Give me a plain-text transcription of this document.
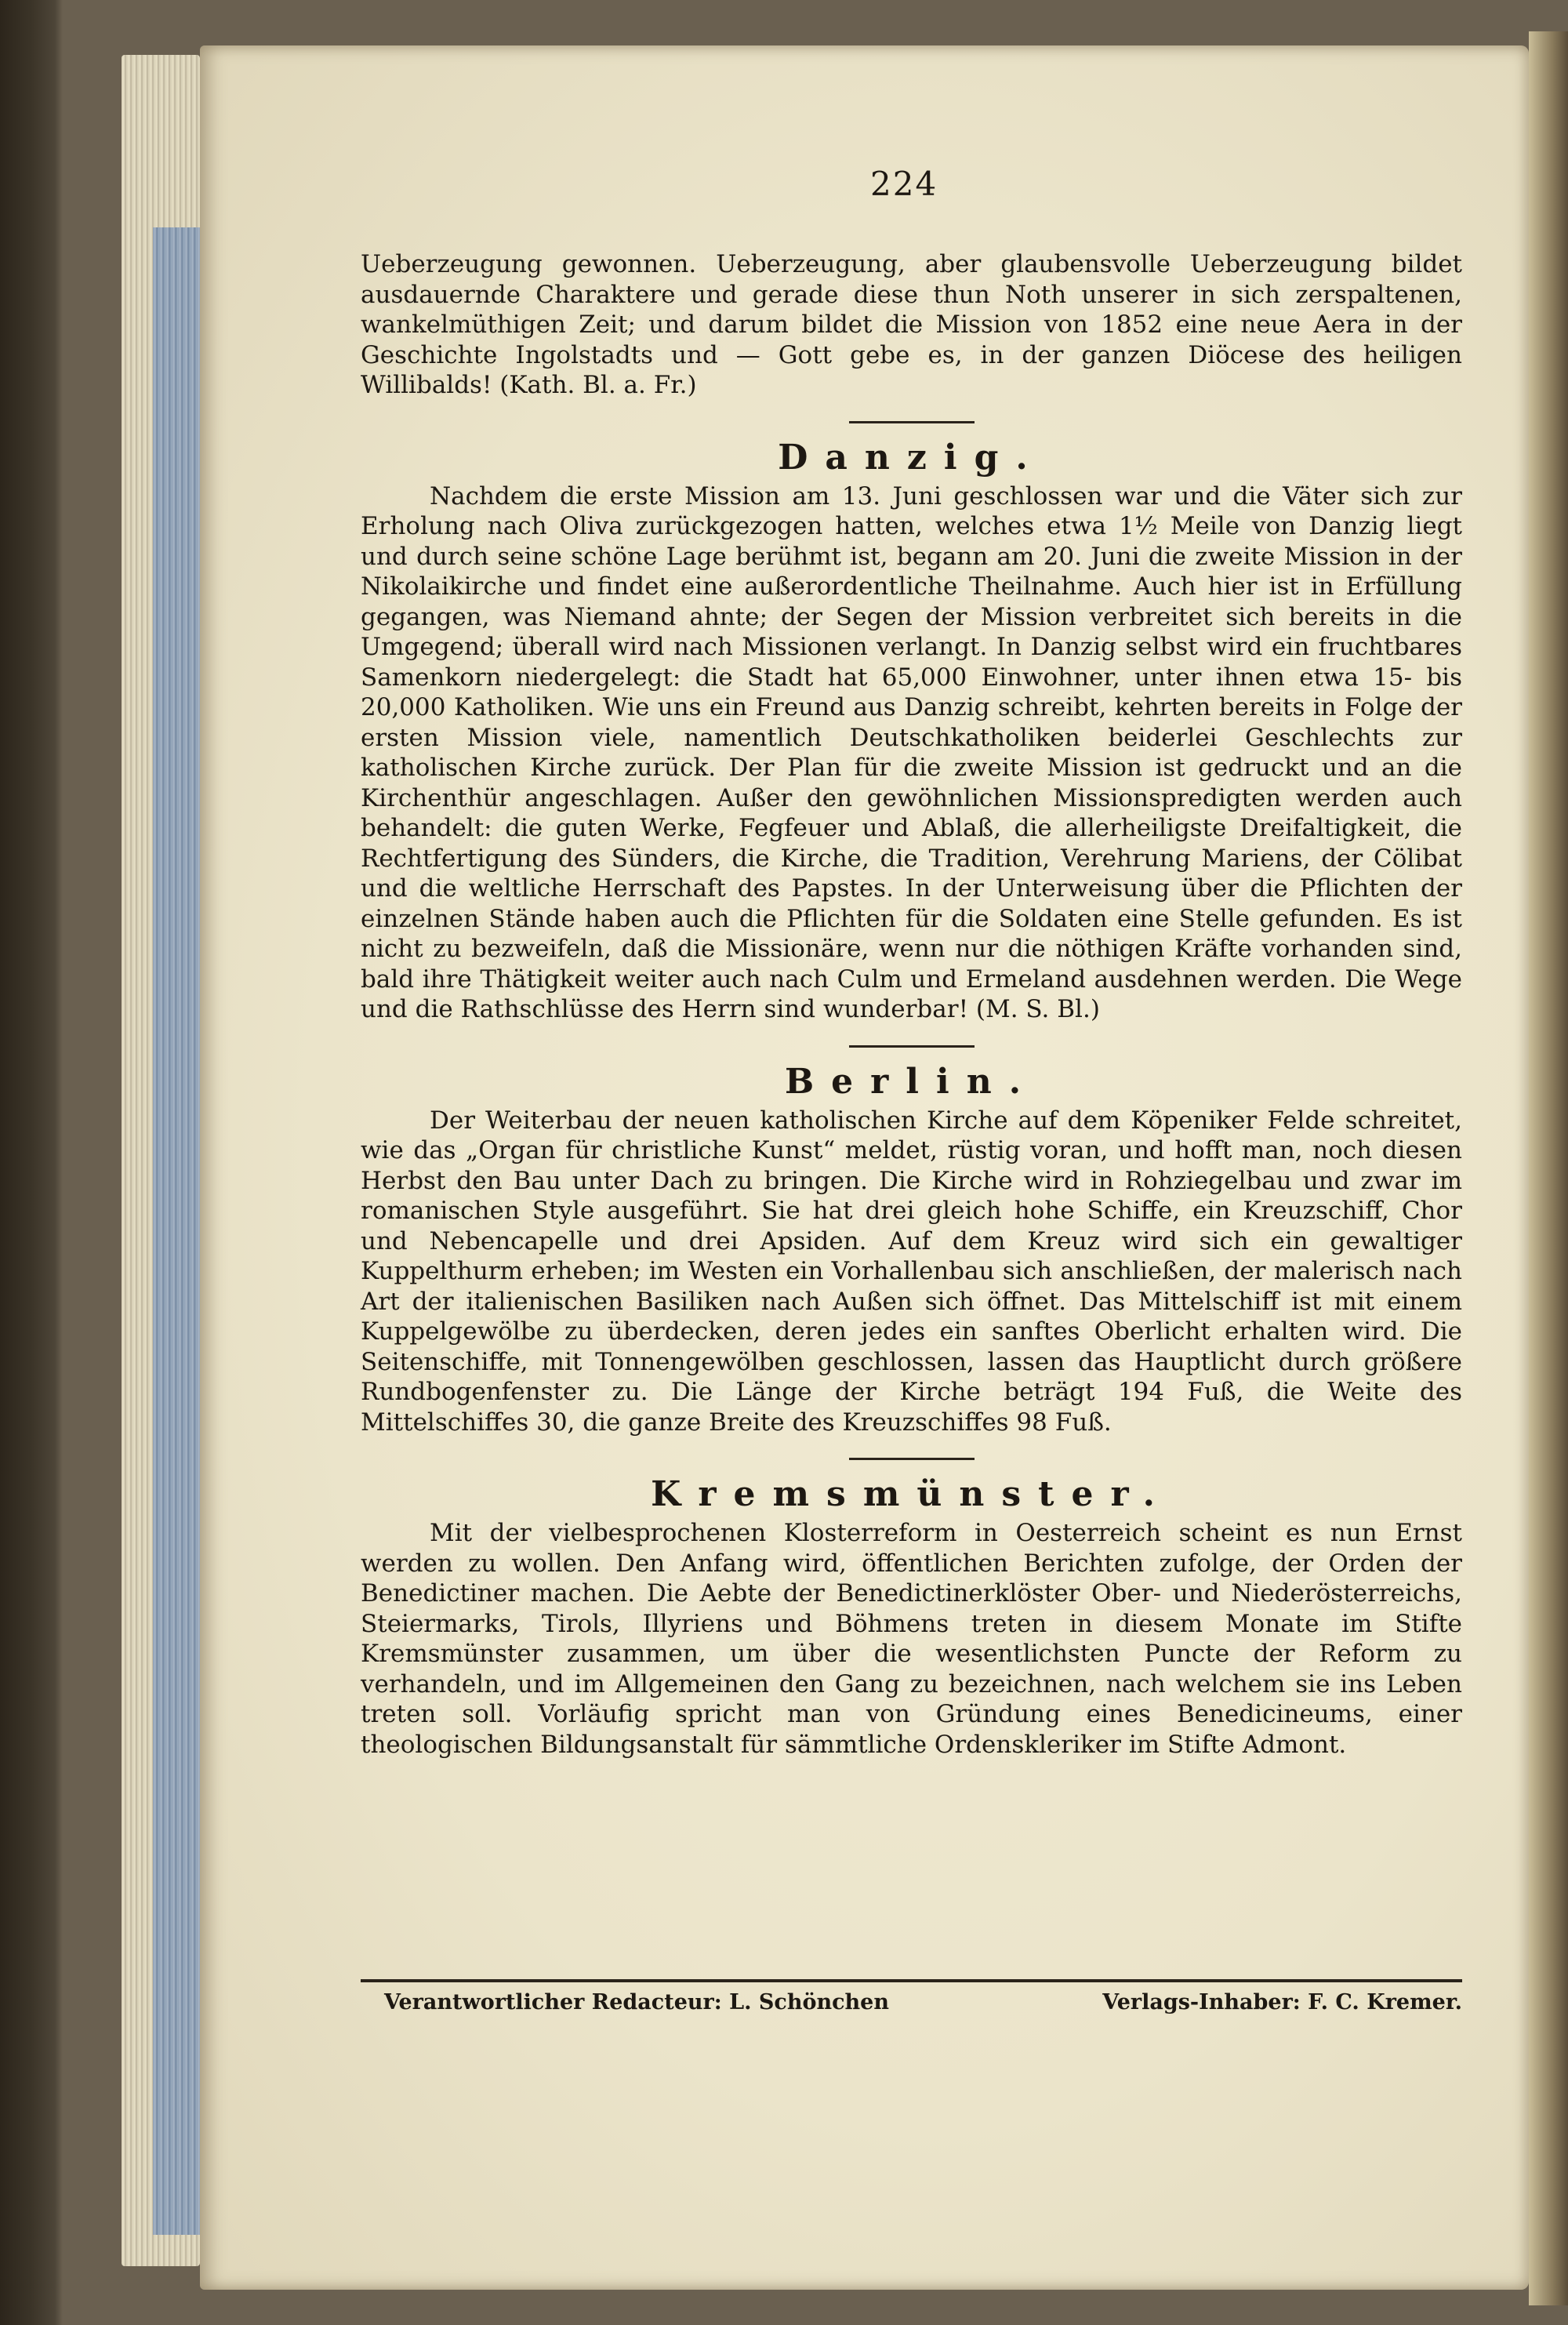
224

Ueberzeugung gewonnen. Ueberzeugung, aber glaubensvolle Ueberzeugung bildet ausdauernde Charaktere und gerade diese thun Noth unserer in sich zerspaltenen, wankelmüthigen Zeit; und darum bildet die Mission von 1852 eine neue Aera in der Geschichte Ingolstadts und — Gott gebe es, in der ganzen Diöcese des heiligen Willibalds! (Kath. Bl. a. Fr.)

Danzig.

Nachdem die erste Mission am 13. Juni geschlossen war und die Väter sich zur Erholung nach Oliva zurückgezogen hatten, welches etwa 1½ Meile von Danzig liegt und durch seine schöne Lage berühmt ist, begann am 20. Juni die zweite Mission in der Nikolaikirche und findet eine außerordentliche Theilnahme. Auch hier ist in Erfüllung gegangen, was Niemand ahnte; der Segen der Mission verbreitet sich bereits in die Umgegend; überall wird nach Missionen verlangt. In Danzig selbst wird ein fruchtbares Samenkorn niedergelegt: die Stadt hat 65,000 Einwohner, unter ihnen etwa 15- bis 20,000 Katholiken. Wie uns ein Freund aus Danzig schreibt, kehrten bereits in Folge der ersten Mission viele, namentlich Deutschkatholiken beiderlei Geschlechts zur katholischen Kirche zurück. Der Plan für die zweite Mission ist gedruckt und an die Kirchenthür angeschlagen. Außer den gewöhnlichen Missionspredigten werden auch behandelt: die guten Werke, Fegfeuer und Ablaß, die allerheiligste Dreifaltigkeit, die Rechtfertigung des Sünders, die Kirche, die Tradition, Verehrung Mariens, der Cölibat und die weltliche Herrschaft des Papstes. In der Unterweisung über die Pflichten der einzelnen Stände haben auch die Pflichten für die Soldaten eine Stelle gefunden. Es ist nicht zu bezweifeln, daß die Missionäre, wenn nur die nöthigen Kräfte vorhanden sind, bald ihre Thätigkeit weiter auch nach Culm und Ermeland ausdehnen werden. Die Wege und die Rathschlüsse des Herrn sind wunderbar! (M. S. Bl.)

Berlin.

Der Weiterbau der neuen katholischen Kirche auf dem Köpeniker Felde schreitet, wie das „Organ für christliche Kunst“ meldet, rüstig voran, und hofft man, noch diesen Herbst den Bau unter Dach zu bringen. Die Kirche wird in Rohziegelbau und zwar im romanischen Style ausgeführt. Sie hat drei gleich hohe Schiffe, ein Kreuzschiff, Chor und Nebencapelle und drei Apsiden. Auf dem Kreuz wird sich ein gewaltiger Kuppelthurm erheben; im Westen ein Vorhallenbau sich anschließen, der malerisch nach Art der italienischen Basiliken nach Außen sich öffnet. Das Mittelschiff ist mit einem Kuppelgewölbe zu überdecken, deren jedes ein sanftes Oberlicht erhalten wird. Die Seitenschiffe, mit Tonnengewölben geschlossen, lassen das Hauptlicht durch größere Rundbogenfenster zu. Die Länge der Kirche beträgt 194 Fuß, die Weite des Mittelschiffes 30, die ganze Breite des Kreuzschiffes 98 Fuß.

Kremsmünster.

Mit der vielbesprochenen Klosterreform in Oesterreich scheint es nun Ernst werden zu wollen. Den Anfang wird, öffentlichen Berichten zufolge, der Orden der Benedictiner machen. Die Aebte der Benedictinerklöster Ober- und Niederösterreichs, Steiermarks, Tirols, Illyriens und Böhmens treten in diesem Monate im Stifte Kremsmünster zusammen, um über die wesentlichsten Puncte der Reform zu verhandeln, und im Allgemeinen den Gang zu bezeichnen, nach welchem sie ins Leben treten soll. Vorläufig spricht man von Gründung eines Benedicineums, einer theologischen Bildungsanstalt für sämmtliche Ordenskleriker im Stifte Admont.

Verantwortlicher Redacteur: L. Schönchen	Verlags-Inhaber: F. C. Kremer.
